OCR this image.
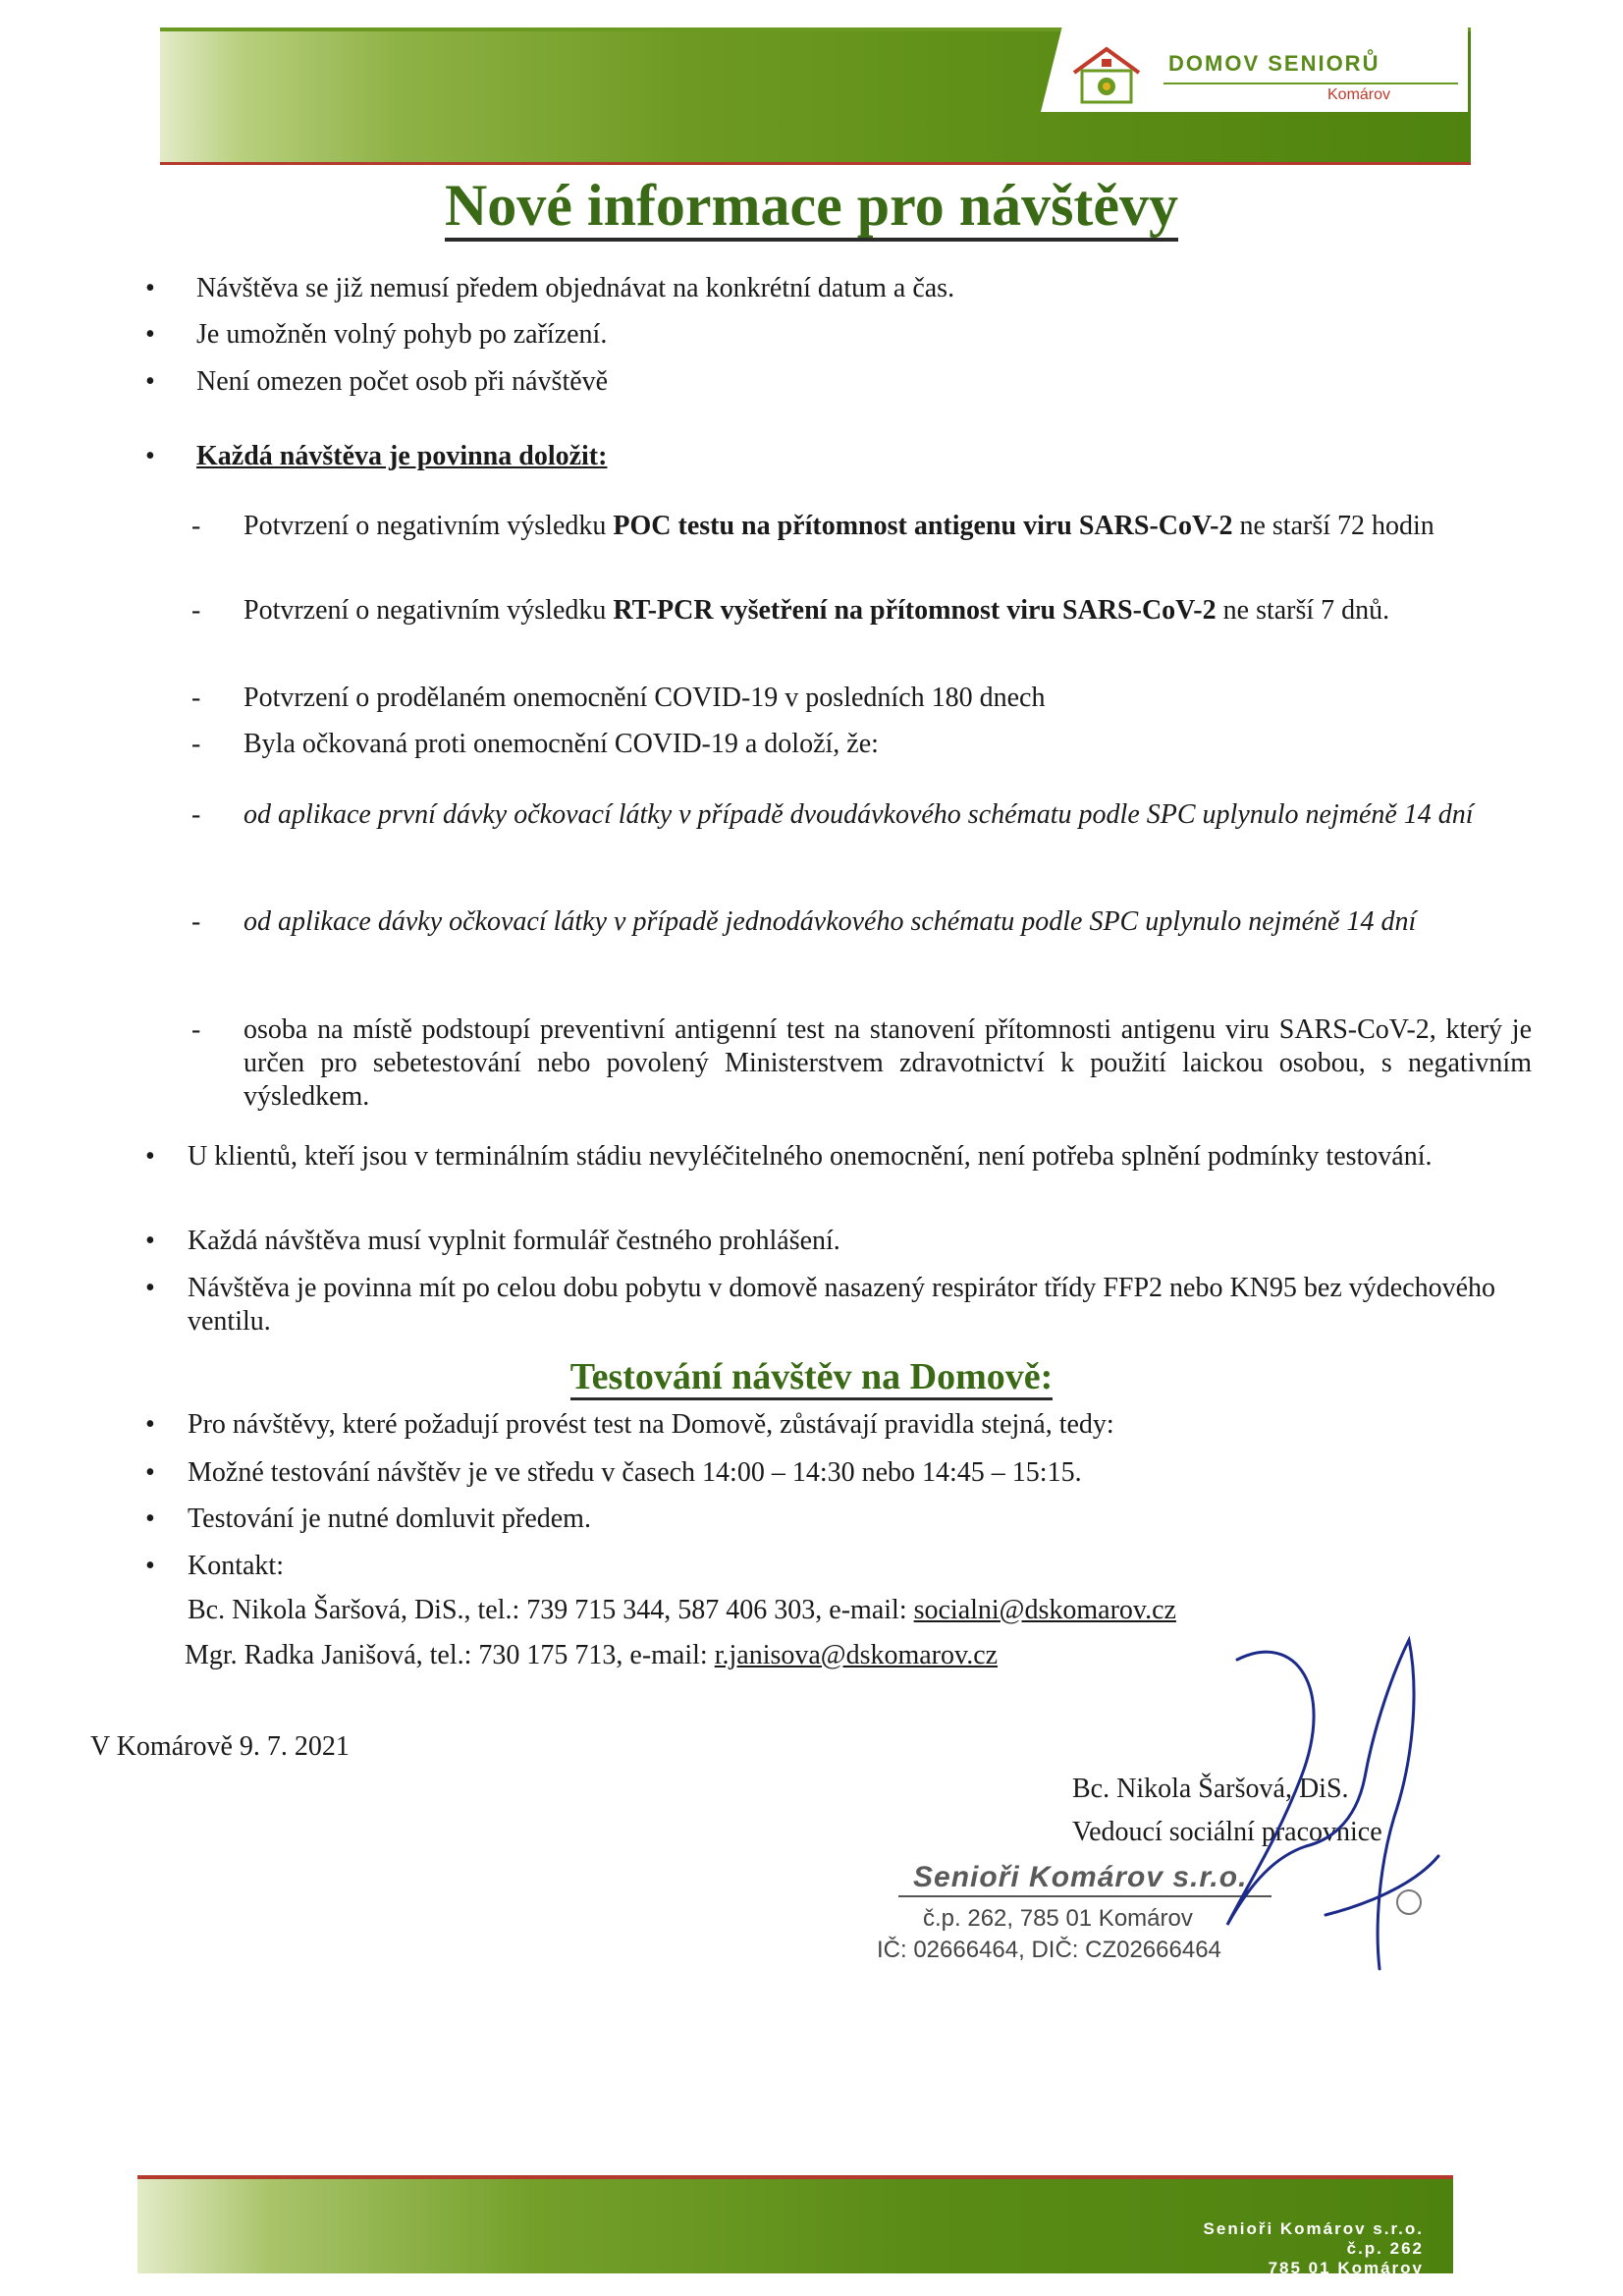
DOMOV SENIORŮ
Komárov
Nové informace pro návštěvy
• Návštěva se již nemusí předem objednávat na konkrétní datum a čas.
• Je umožněn volný pohyb po zařízení.
• Není omezen počet osob při návštěvě
• Každá návštěva je povinna doložit:
- Potvrzení o negativním výsledku POC testu na přítomnost antigenu viru SARS-CoV-2 ne starší 72 hodin
- Potvrzení o negativním výsledku RT-PCR vyšetření na přítomnost viru SARS-CoV-2 ne starší 7 dnů.
- Potvrzení o prodělaném onemocnění COVID-19 v posledních 180 dnech
- Byla očkovaná proti onemocnění COVID-19 a doloží, že:
- od aplikace první dávky očkovací látky v případě dvoudávkového schématu podle SPC uplynulo nejméně 14 dní
- od aplikace dávky očkovací látky v případě jednodávkového schématu podle SPC uplynulo nejméně 14 dní
- osoba na místě podstoupí preventivní antigenní test na stanovení přítomnosti antigenu viru SARS-CoV-2, který je určen pro sebetestování nebo povolený Ministerstvem zdravotnictví k použití laickou osobou, s negativním výsledkem.
• U klientů, kteří jsou v terminálním stádiu nevyléčitelného onemocnění, není potřeba splnění podmínky testování.
• Každá návštěva musí vyplnit formulář čestného prohlášení.
• Návštěva je povinna mít po celou dobu pobytu v domově nasazený respirátor třídy FFP2 nebo KN95 bez výdechového ventilu.
Testování návštěv na Domově:
• Pro návštěvy, které požadují provést test na Domově, zůstávají pravidla stejná, tedy:
• Možné testování návštěv je ve středu v časech 14:00 – 14:30 nebo 14:45 – 15:15.
• Testování je nutné domluvit předem.
• Kontakt:
Bc. Nikola Šaršová, DiS., tel.: 739 715 344, 587 406 303, e-mail: socialni@dskomarov.cz
Mgr. Radka Janišová, tel.: 730 175 713, e-mail: r.janisova@dskomarov.cz
V Komárově 9. 7. 2021
Bc. Nikola Šaršová, DiS.
Vedoucí sociální pracovnice
Senioři Komárov s.r.o.
č.p. 262, 785 01 Komárov
IČ: 02666464, DIČ: CZ02666464
Senioři Komárov s.r.o.
č.p. 262
785 01 Komárov
